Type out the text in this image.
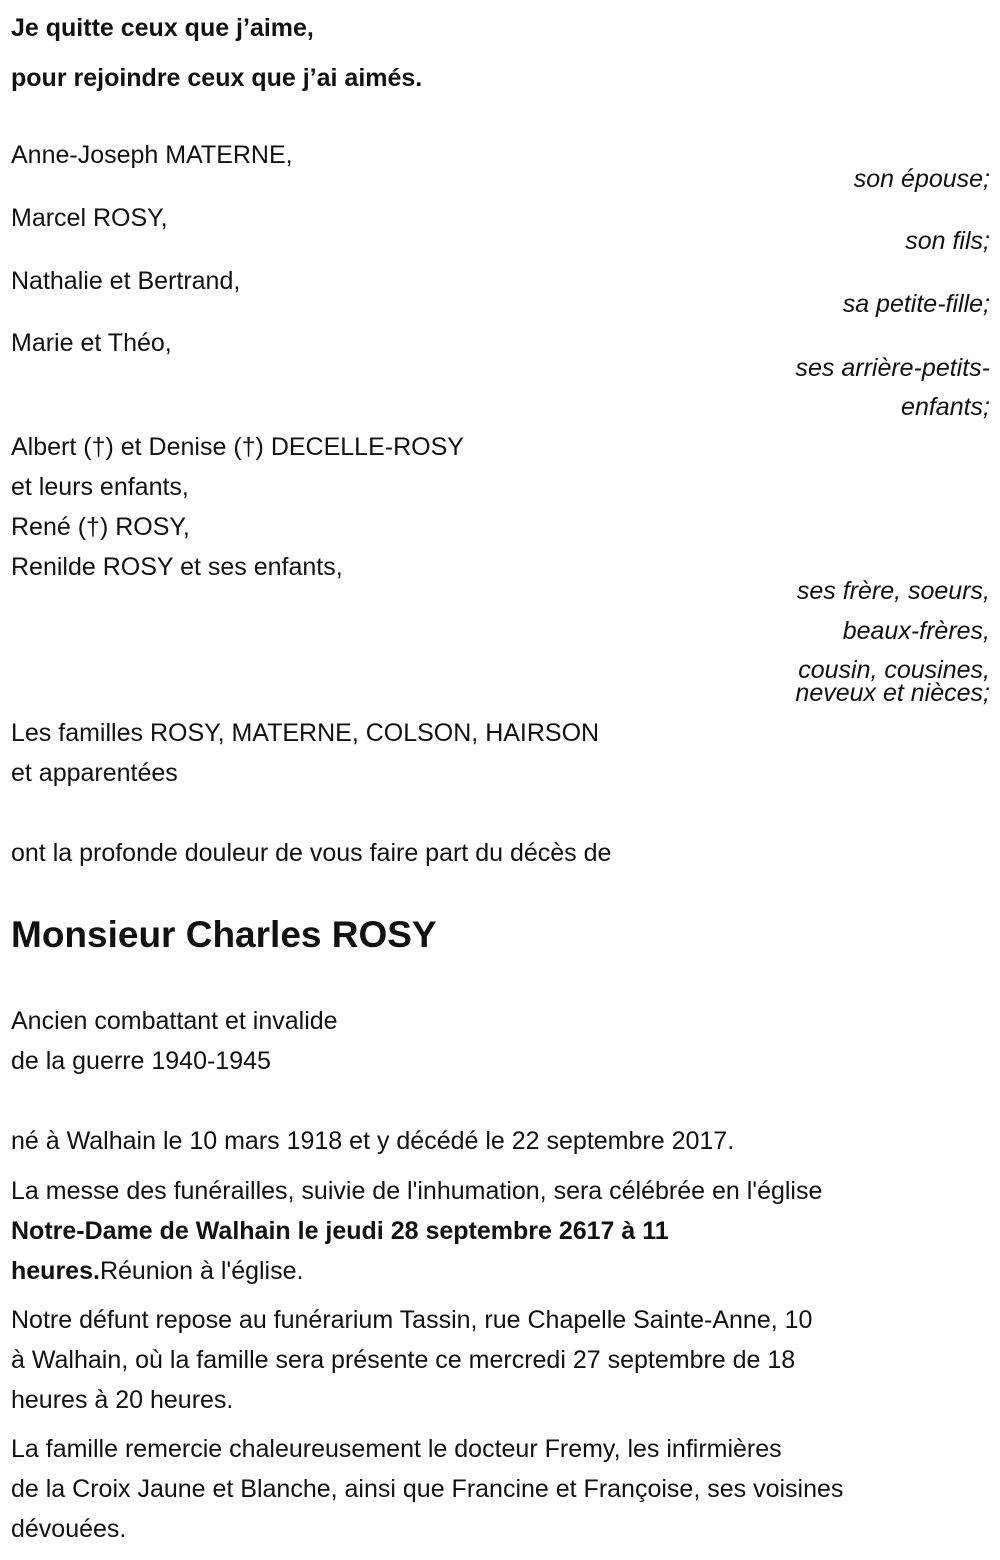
Je quitte ceux que j’aime,
pour rejoindre ceux que j’ai aimés.
Anne-Joseph MATERNE,
son épouse;
Marcel ROSY,
son fils;
Nathalie et Bertrand,
sa petite-fille;
Marie et Théo,
ses arrière-petits-
enfants;
Albert (†) et Denise (†) DECELLE-ROSY
et leurs enfants,
René (†) ROSY,
Renilde ROSY et ses enfants,
ses frère, soeurs,
beaux-frères,
cousin, cousines,
neveux et nièces;
Les familles ROSY, MATERNE, COLSON, HAIRSON
et apparentées
ont la profonde douleur de vous faire part du décès de
Monsieur Charles ROSY
Ancien combattant et invalide
de la guerre 1940-1945
né à Walhain le 10 mars 1918 et y décédé le 22 septembre 2017.
La messe des funérailles, suivie de l'inhumation, sera célébrée en l'église
Notre-Dame de Walhain le jeudi 28 septembre 2617 à 11
heures.Réunion à l'église.
Notre défunt repose au funérarium Tassin, rue Chapelle Sainte-Anne, 10
à Walhain, où la famille sera présente ce mercredi 27 septembre de 18
heures à 20 heures.
La famille remercie chaleureusement le docteur Fremy, les infirmières
de la Croix Jaune et Blanche, ainsi que Francine et Françoise, ses voisines
dévouées.
